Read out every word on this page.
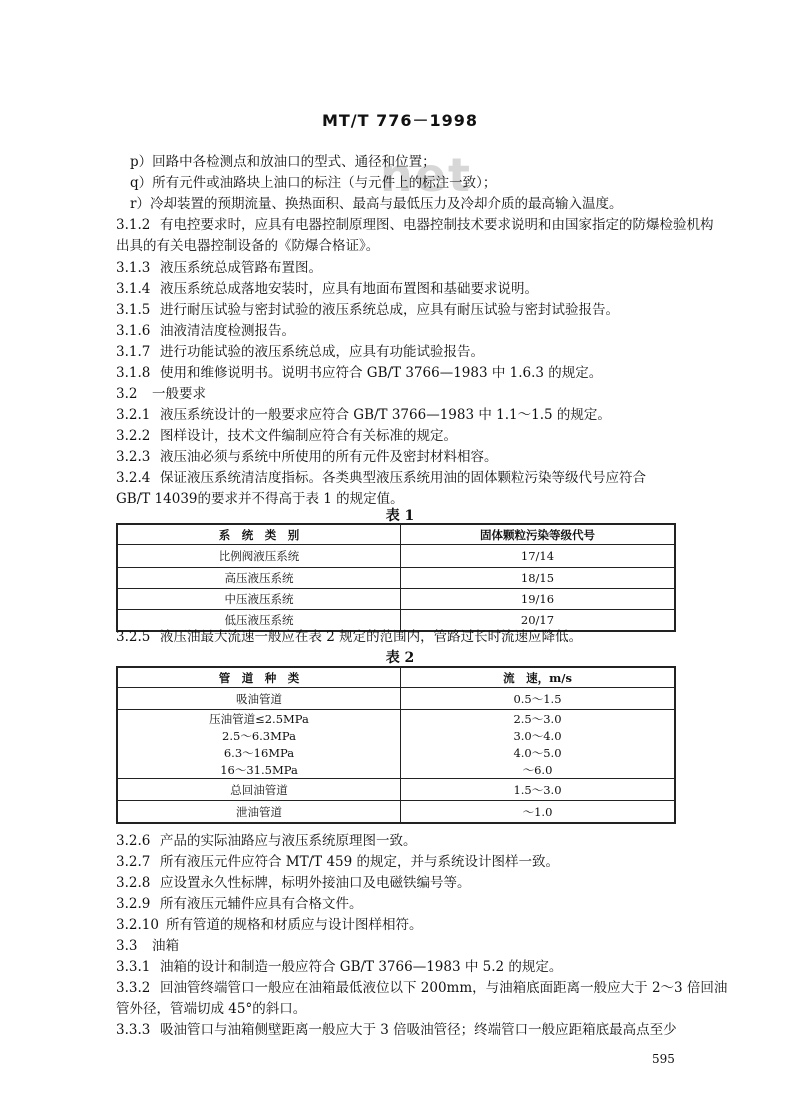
net
MT/T 776－1998
p）回路中各检测点和放油口的型式、通径和位置；
q）所有元件或油路块上油口的标注（与元件上的标注一致）；
r）冷却装置的预期流量、换热面积、最高与最低压力及冷却介质的最高输入温度。
3.1.2 有电控要求时，应具有电器控制原理图、电器控制技术要求说明和由国家指定的防爆检验机构
出具的有关电器控制设备的《防爆合格证》。
3.1.3 液压系统总成管路布置图。
3.1.4 液压系统总成落地安装时，应具有地面布置图和基础要求说明。
3.1.5 进行耐压试验与密封试验的液压系统总成，应具有耐压试验与密封试验报告。
3.1.6 油液清洁度检测报告。
3.1.7 进行功能试验的液压系统总成，应具有功能试验报告。
3.1.8 使用和维修说明书。说明书应符合 GB/T 3766—1983 中 1.6.3 的规定。
3.2 一般要求
3.2.1 液压系统设计的一般要求应符合 GB/T 3766—1983 中 1.1～1.5 的规定。
3.2.2 图样设计，技术文件编制应符合有关标准的规定。
3.2.3 液压油必须与系统中所使用的所有元件及密封材料相容。
3.2.4 保证液压系统清洁度指标。各类典型液压系统用油的固体颗粒污染等级代号应符合
GB/T 14039的要求并不得高于表 1 的规定值。
表 1
系　统　类　别	固体颗粒污染等级代号
比例阀液压系统	17/14
高压液压系统	18/15
中压液压系统	19/16
低压液压系统	20/17
3.2.5 液压油最大流速一般应在表 2 规定的范围内，管路过长时流速应降低。
表 2
管　道　种　类	流　速，m/s
吸油管道	0.5～1.5
压油管道≤2.5MPa	2.5～3.0
2.5～6.3MPa	3.0～4.0
6.3～16MPa	4.0～5.0
16～31.5MPa	～6.0
总回油管道	1.5～3.0
泄油管道	～1.0
3.2.6 产品的实际油路应与液压系统原理图一致。
3.2.7 所有液压元件应符合 MT/T 459 的规定，并与系统设计图样一致。
3.2.8 应设置永久性标牌，标明外接油口及电磁铁编号等。
3.2.9 所有液压元辅件应具有合格文件。
3.2.10 所有管道的规格和材质应与设计图样相符。
3.3 油箱
3.3.1 油箱的设计和制造一般应符合 GB/T 3766—1983 中 5.2 的规定。
3.3.2 回油管终端管口一般应在油箱最低液位以下 200mm，与油箱底面距离一般应大于 2～3 倍回油
管外径，管端切成 45°的斜口。
3.3.3 吸油管口与油箱侧壁距离一般应大于 3 倍吸油管径；终端管口一般应距箱底最高点至少
595
